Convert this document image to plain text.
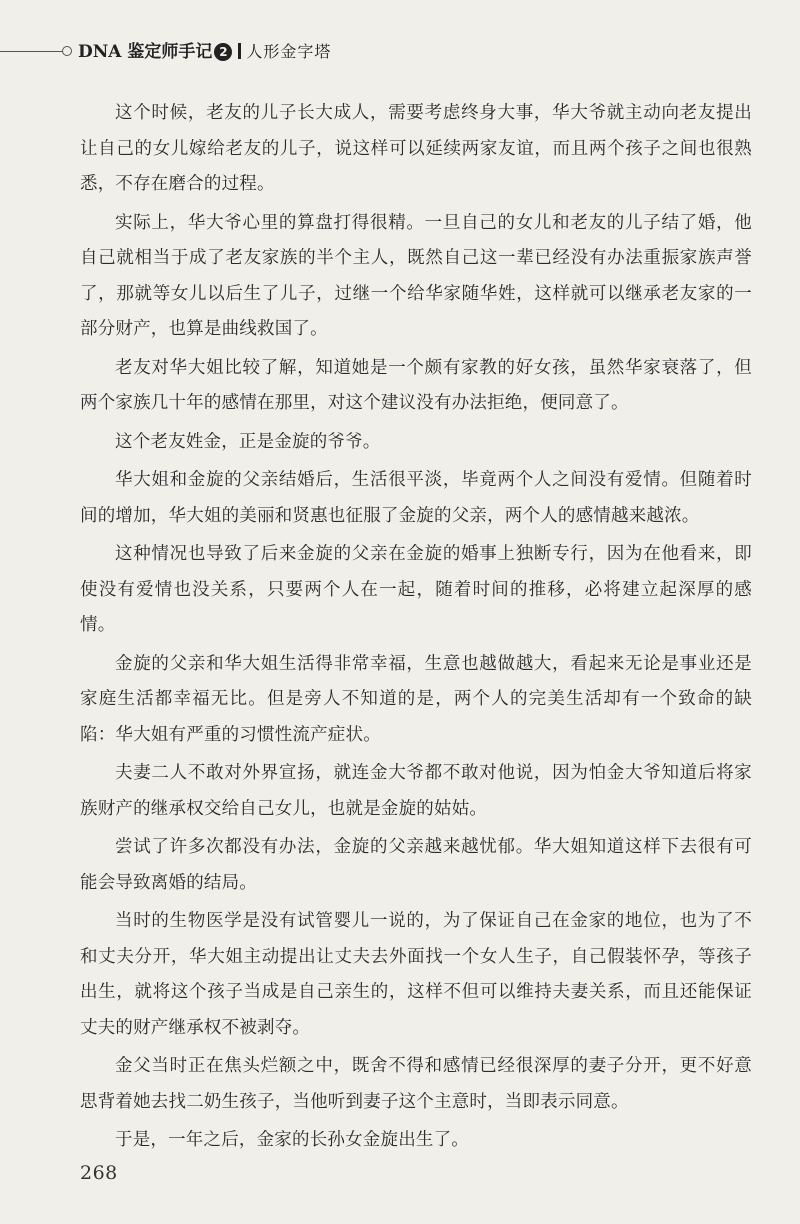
DNA 鉴定师手记 2 人形金字塔

这个时候，老友的儿子长大成人，需要考虑终身大事，华大爷就主动向老友提出让自己的女儿嫁给老友的儿子，说这样可以延续两家友谊，而且两个孩子之间也很熟悉，不存在磨合的过程。

实际上，华大爷心里的算盘打得很精。一旦自己的女儿和老友的儿子结了婚，他自己就相当于成了老友家族的半个主人，既然自己这一辈已经没有办法重振家族声誉了，那就等女儿以后生了儿子，过继一个给华家随华姓，这样就可以继承老友家的一部分财产，也算是曲线救国了。

老友对华大姐比较了解，知道她是一个颇有家教的好女孩，虽然华家衰落了，但两个家族几十年的感情在那里，对这个建议没有办法拒绝，便同意了。

这个老友姓金，正是金旋的爷爷。

华大姐和金旋的父亲结婚后，生活很平淡，毕竟两个人之间没有爱情。但随着时间的增加，华大姐的美丽和贤惠也征服了金旋的父亲，两个人的感情越来越浓。

这种情况也导致了后来金旋的父亲在金旋的婚事上独断专行，因为在他看来，即使没有爱情也没关系，只要两个人在一起，随着时间的推移，必将建立起深厚的感情。

金旋的父亲和华大姐生活得非常幸福，生意也越做越大，看起来无论是事业还是家庭生活都幸福无比。但是旁人不知道的是，两个人的完美生活却有一个致命的缺陷：华大姐有严重的习惯性流产症状。

夫妻二人不敢对外界宣扬，就连金大爷都不敢对他说，因为怕金大爷知道后将家族财产的继承权交给自己女儿，也就是金旋的姑姑。

尝试了许多次都没有办法，金旋的父亲越来越忧郁。华大姐知道这样下去很有可能会导致离婚的结局。

当时的生物医学是没有试管婴儿一说的，为了保证自己在金家的地位，也为了不和丈夫分开，华大姐主动提出让丈夫去外面找一个女人生子，自己假装怀孕，等孩子出生，就将这个孩子当成是自己亲生的，这样不但可以维持夫妻关系，而且还能保证丈夫的财产继承权不被剥夺。

金父当时正在焦头烂额之中，既舍不得和感情已经很深厚的妻子分开，更不好意思背着她去找二奶生孩子，当他听到妻子这个主意时，当即表示同意。

于是，一年之后，金家的长孙女金旋出生了。

268
